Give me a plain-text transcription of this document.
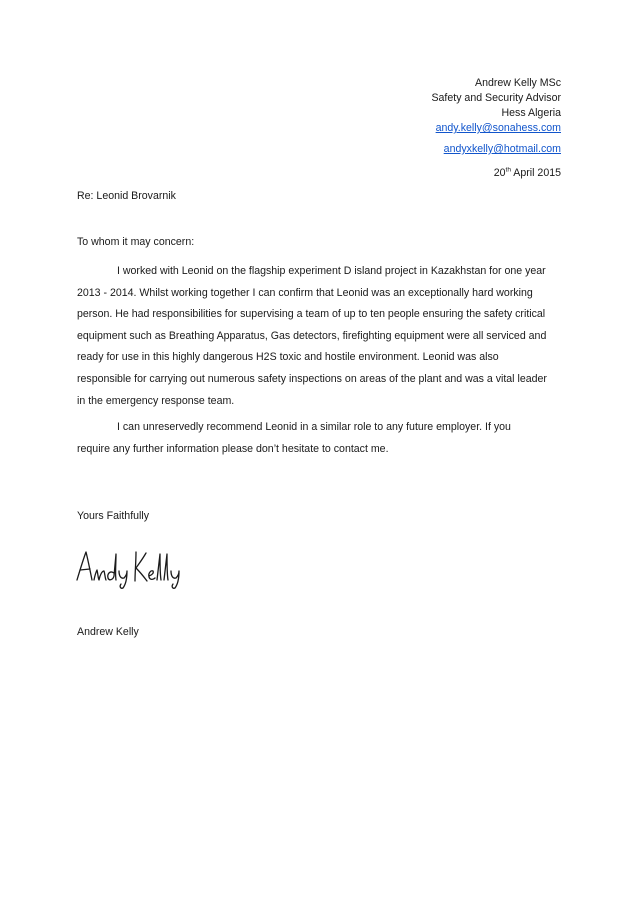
Andrew Kelly MSc
Safety and Security Advisor
Hess Algeria
andy.kelly@sonahess.com
andyxkelly@hotmail.com
20th April 2015
Re: Leonid Brovarnik
To whom it may concern:

I worked with Leonid on the flagship experiment D island project in Kazakhstan for one year
2013 - 2014. Whilst working together I can confirm that Leonid was an exceptionally hard working
person. He had responsibilities for supervising a team of up to ten people ensuring the safety critical
equipment such as Breathing Apparatus, Gas detectors, firefighting equipment were all serviced and
ready for use in this highly dangerous H2S toxic and hostile environment. Leonid was also
responsible for carrying out numerous safety inspections on areas of the plant and was a vital leader
in the emergency response team.

I can unreservedly recommend Leonid in a similar role to any future employer. If you
require any further information please don’t hesitate to contact me.

Yours Faithfully
Andrew Kelly
